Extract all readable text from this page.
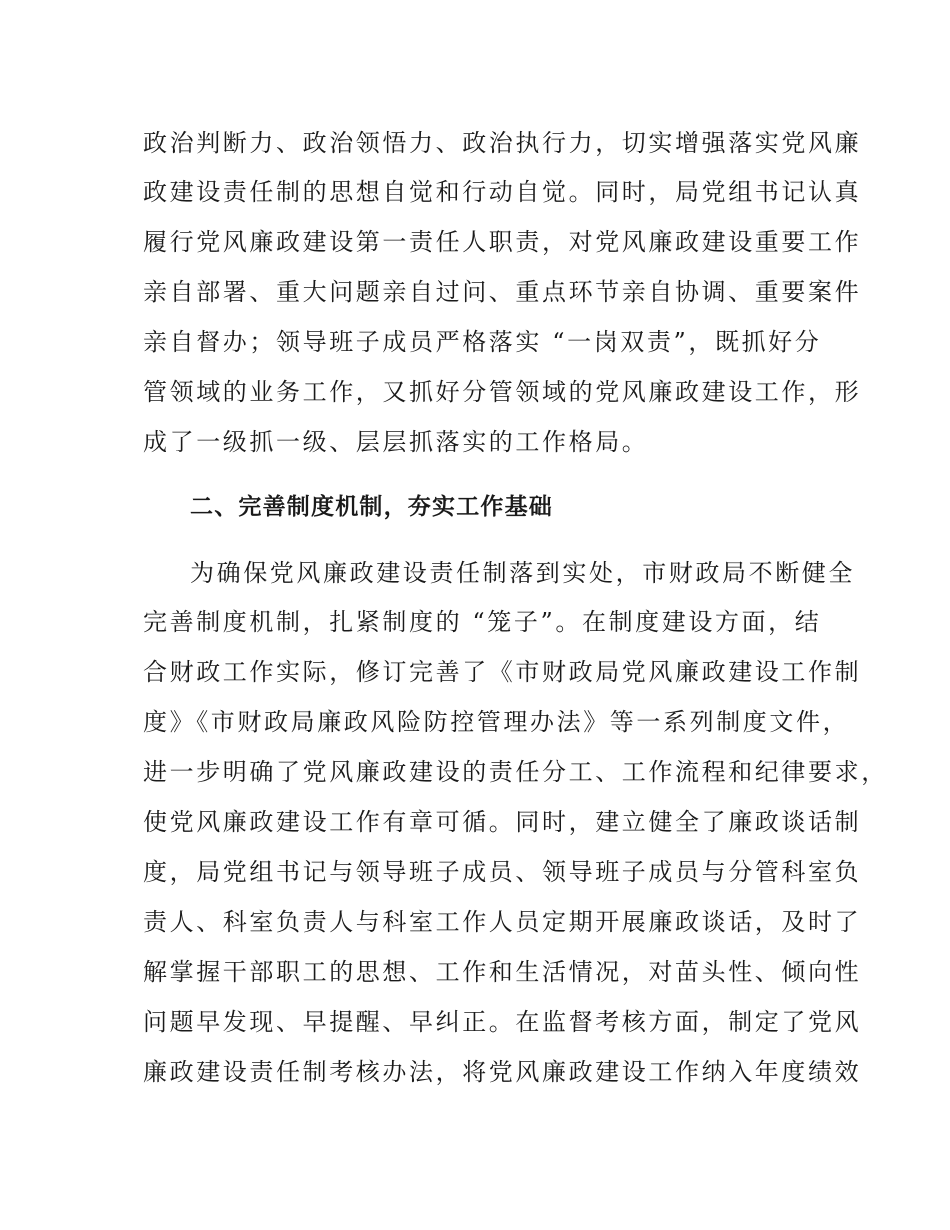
政治判断力、政治领悟力、政治执行力，切实增强落实党风廉
政建设责任制的思想自觉和行动自觉。同时，局党组书记认真
履行党风廉政建设第一责任人职责，对党风廉政建设重要工作
亲自部署、重大问题亲自过问、重点环节亲自协调、重要案件
亲自督办；领导班子成员严格落实 “一岗双责”，既抓好分
管领域的业务工作，又抓好分管领域的党风廉政建设工作，形
成了一级抓一级、层层抓落实的工作格局。
二、完善制度机制，夯实工作基础
为确保党风廉政建设责任制落到实处，市财政局不断健全
完善制度机制，扎紧制度的 “笼子”。在制度建设方面，结
合财政工作实际，修订完善了《市财政局党风廉政建设工作制
度》《市财政局廉政风险防控管理办法》等一系列制度文件，
进一步明确了党风廉政建设的责任分工、工作流程和纪律要求，
使党风廉政建设工作有章可循。同时，建立健全了廉政谈话制
度，局党组书记与领导班子成员、领导班子成员与分管科室负
责人、科室负责人与科室工作人员定期开展廉政谈话，及时了
解掌握干部职工的思想、工作和生活情况，对苗头性、倾向性
问题早发现、早提醒、早纠正。在监督考核方面，制定了党风
廉政建设责任制考核办法，将党风廉政建设工作纳入年度绩效
